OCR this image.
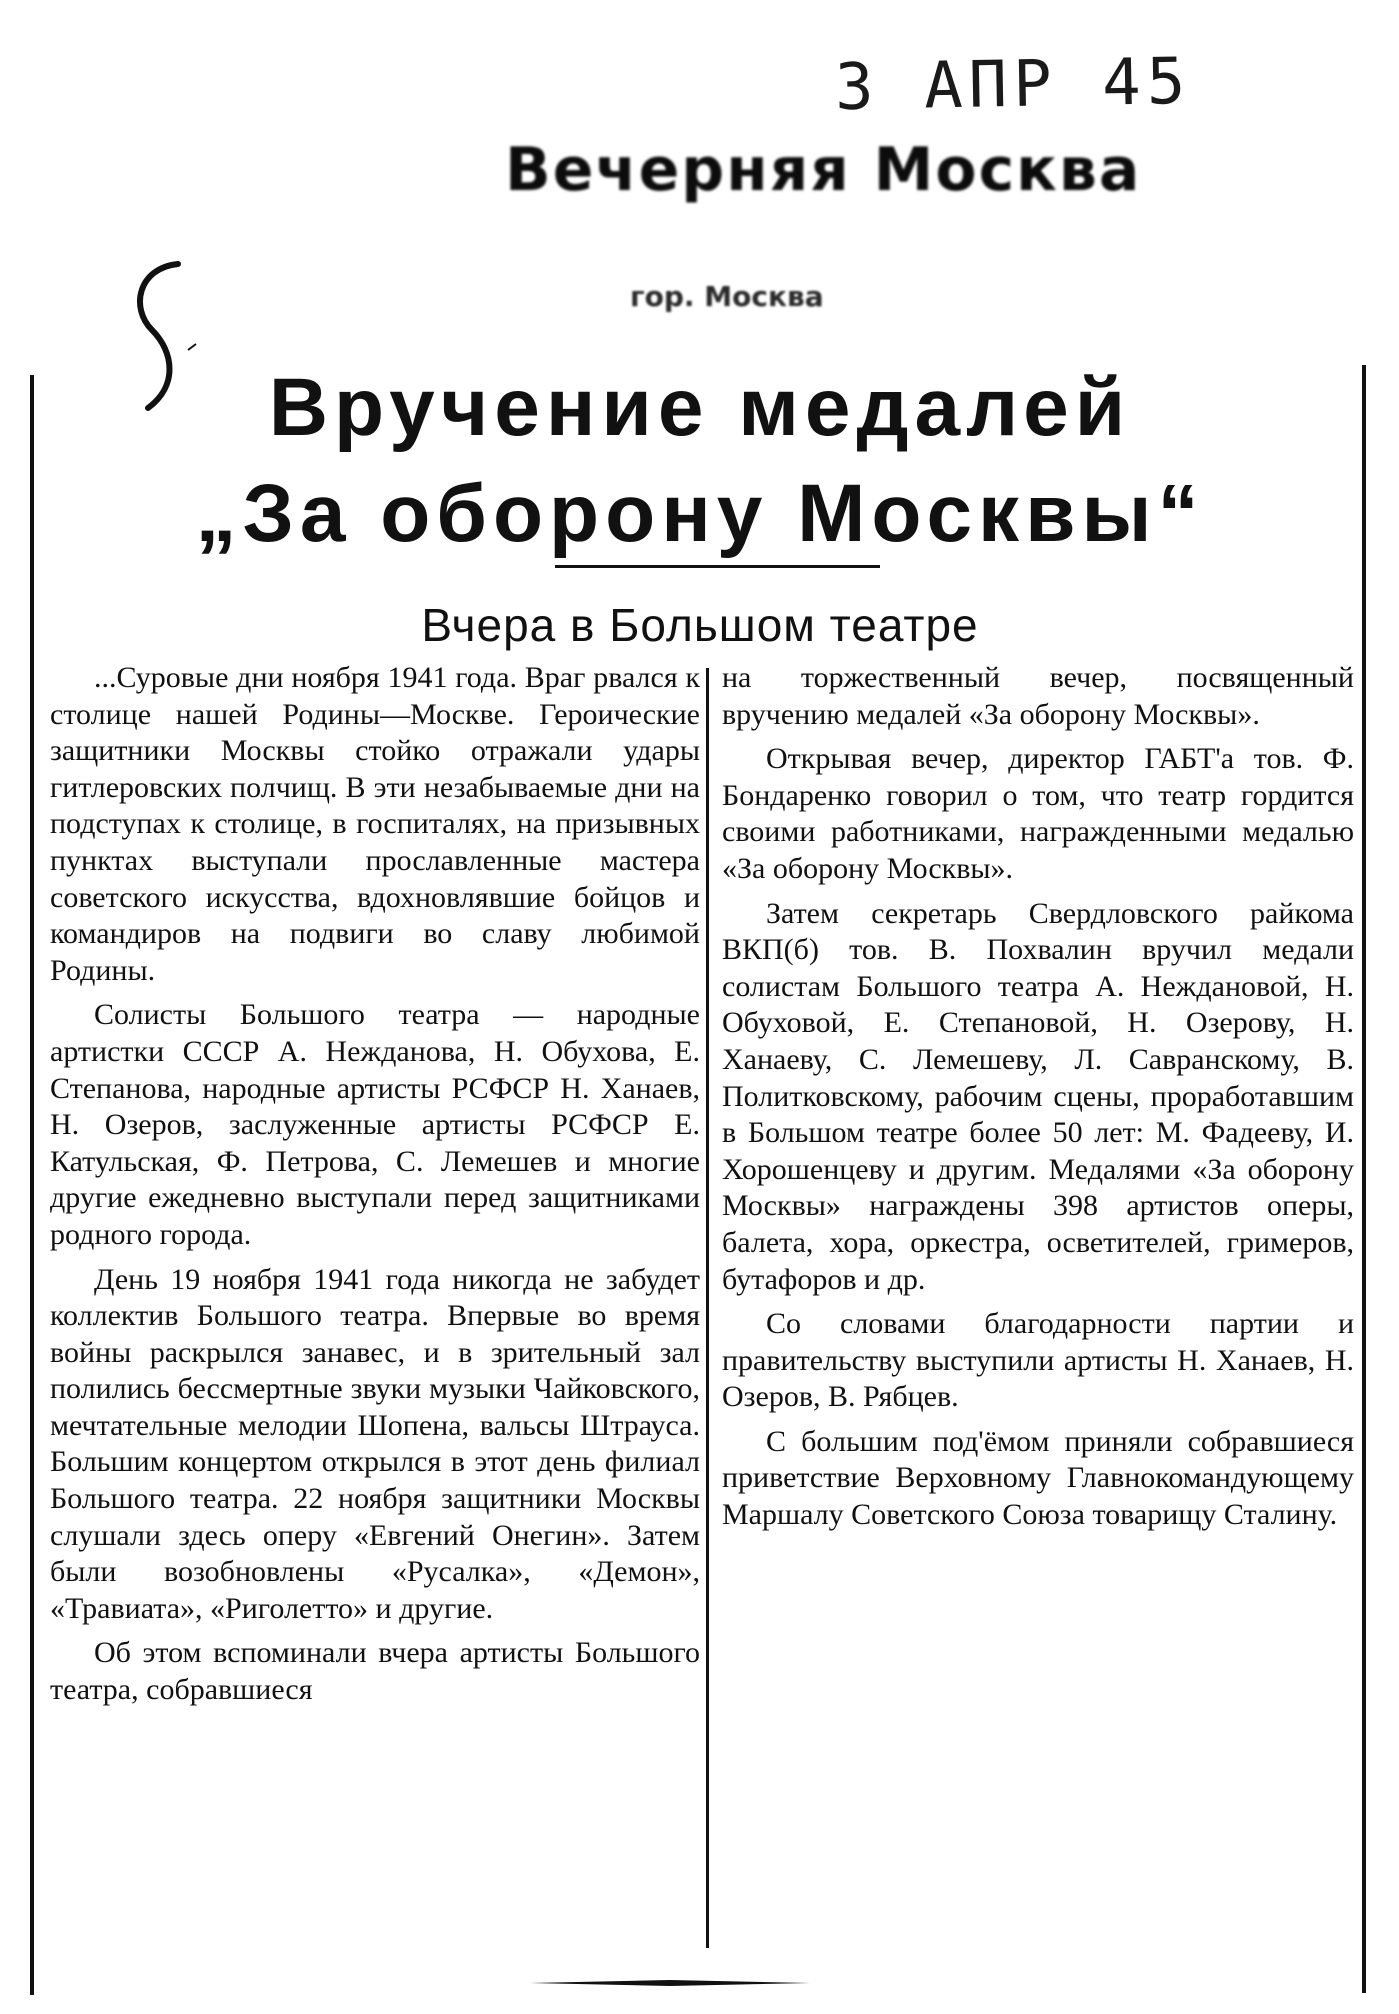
3 АПР 45
Вечерняя Москва
гор. Москва
Вручение медалей
„За оборону Москвы“
Вчера в Большом театре

...Суровые дни ноября 1941 года. Враг рвался к столице нашей Родины—Москве. Героические защитники Москвы стойко отражали удары гитлеровских полчищ. В эти незабываемые дни на подступах к столице, в госпиталях, на призывных пунктах выступали прославленные мастера советского искусства, вдохновлявшие бойцов и командиров на подвиги во славу любимой Родины.

Солисты Большого театра — народные артистки СССР А. Нежданова, Н. Обухова, Е. Степанова, народные артисты РСФСР Н. Ханаев, Н. Озеров, заслуженные артисты РСФСР Е. Катульская, Ф. Петрова, С. Лемешев и многие другие ежедневно выступали перед защитниками родного города.

День 19 ноября 1941 года никогда не забудет коллектив Большого театра. Впервые во время войны раскрылся занавес, и в зрительный зал полились бессмертные звуки музыки Чайковского, мечтательные мелодии Шопена, вальсы Штрауса. Большим концертом открылся в этот день филиал Большого театра. 22 ноября защитники Москвы слушали здесь оперу «Евгений Онегин». Затем были возобновлены «Русалка», «Демон», «Травиата», «Риголетто» и другие.

Об этом вспоминали вчера артисты Большого театра, собравшиеся

на торжественный вечер, посвященный вручению медалей «За оборону Москвы».

Открывая вечер, директор ГАБТ'а тов. Ф. Бондаренко говорил о том, что театр гордится своими работниками, награжденными медалью «За оборону Москвы».

Затем секретарь Свердловского райкома ВКП(б) тов. В. Похвалин вручил медали солистам Большого театра А. Неждановой, Н. Обуховой, Е. Степановой, Н. Озерову, Н. Ханаеву, С. Лемешеву, Л. Савранскому, В. Политковскому, рабочим сцены, проработавшим в Большом театре более 50 лет: М. Фадееву, И. Хорошенцеву и другим. Медалями «За оборону Москвы» награждены 398 артистов оперы, балета, хора, оркестра, осветителей, гримеров, бутафоров и др.

Со словами благодарности партии и правительству выступили артисты Н. Ханаев, Н. Озеров, В. Рябцев.

С большим под'ёмом приняли собравшиеся приветствие Верховному Главнокомандующему Маршалу Советского Союза товарищу Сталину.
